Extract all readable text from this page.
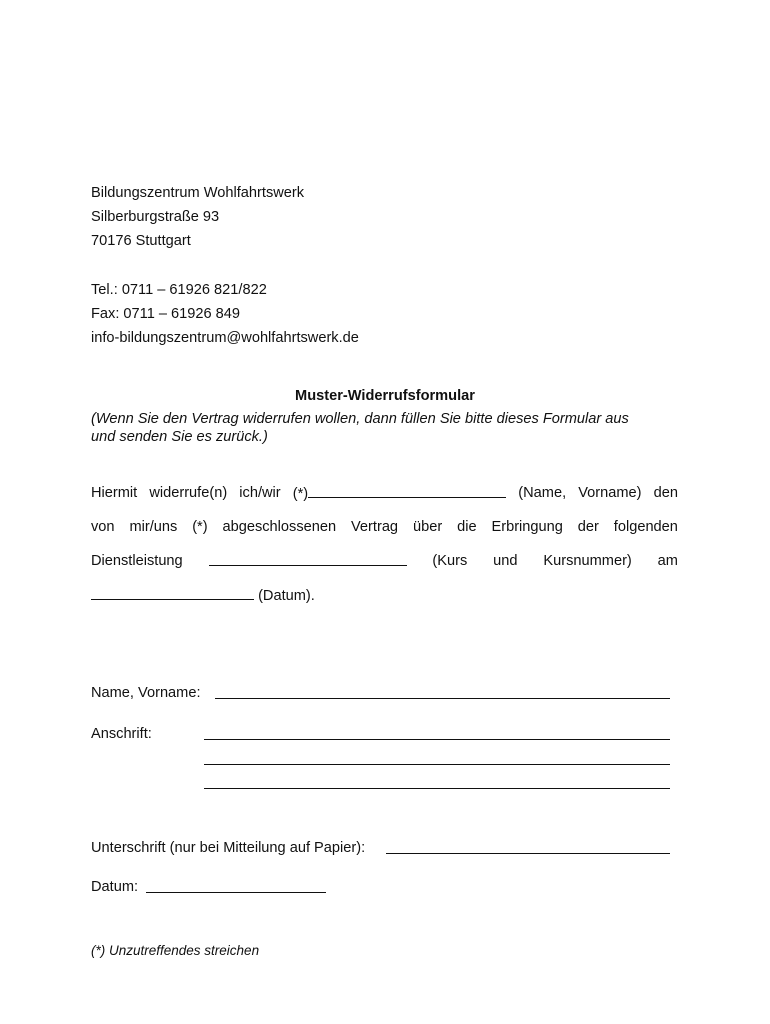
Bildungszentrum Wohlfahrtswerk
Silberburgstraße 93
70176 Stuttgart
Tel.: 0711 – 61926 821/822
Fax: 0711 – 61926 849
info-bildungszentrum@wohlfahrtswerk.de
Muster-Widerrufsformular
(Wenn Sie den Vertrag widerrufen wollen, dann füllen Sie bitte dieses Formular aus
und senden Sie es zurück.)
Hiermit widerrufe(n) ich/wir (*)	(Name, Vorname) den
von mir/uns (*) abgeschlossenen Vertrag über die Erbringung der folgenden
Dienstleistung	(Kurs und Kursnummer) am
(Datum).
Name, Vorname:
Anschrift:
Unterschrift (nur bei Mitteilung auf Papier):
Datum:
(*) Unzutreffendes streichen
